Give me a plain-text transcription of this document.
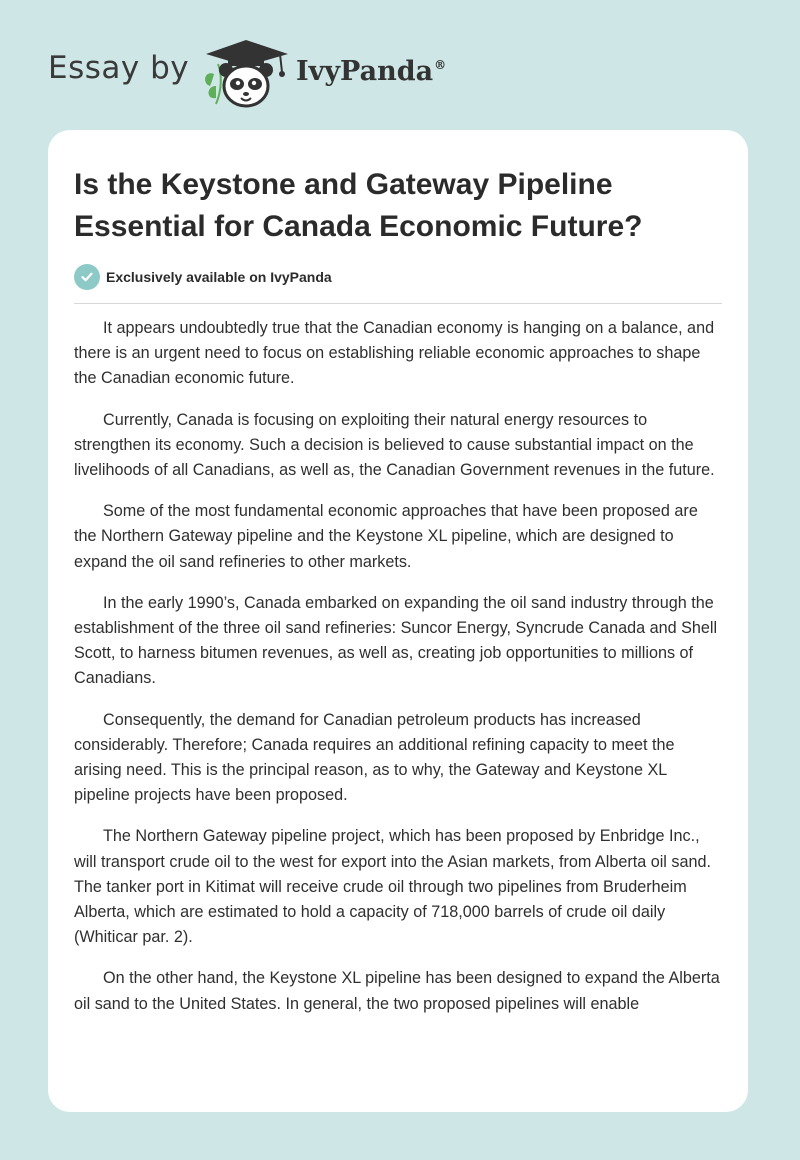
Essay by	IvyPanda®
Is the Keystone and Gateway Pipeline Essential for Canada Economic Future?
Exclusively available on IvyPanda

It appears undoubtedly true that the Canadian economy is hanging on a balance, and there is an urgent need to focus on establishing reliable economic approaches to shape the Canadian economic future.

Currently, Canada is focusing on exploiting their natural energy resources to strengthen its economy. Such a decision is believed to cause substantial impact on the livelihoods of all Canadians, as well as, the Canadian Government revenues in the future.

Some of the most fundamental economic approaches that have been proposed are the Northern Gateway pipeline and the Keystone XL pipeline, which are designed to expand the oil sand refineries to other markets.

In the early 1990’s, Canada embarked on expanding the oil sand industry through the establishment of the three oil sand refineries: Suncor Energy, Syncrude Canada and Shell Scott, to harness bitumen revenues, as well as, creating job opportunities to millions of Canadians.

Consequently, the demand for Canadian petroleum products has increased considerably. Therefore; Canada requires an additional refining capacity to meet the arising need. This is the principal reason, as to why, the Gateway and Keystone XL pipeline projects have been proposed.

The Northern Gateway pipeline project, which has been proposed by Enbridge Inc., will transport crude oil to the west for export into the Asian markets, from Alberta oil sand. The tanker port in Kitimat will receive crude oil through two pipelines from Bruderheim Alberta, which are estimated to hold a capacity of 718,000 barrels of crude oil daily (Whiticar par. 2).

On the other hand, the Keystone XL pipeline has been designed to expand the Alberta oil sand to the United States. In general, the two proposed pipelines will enable
